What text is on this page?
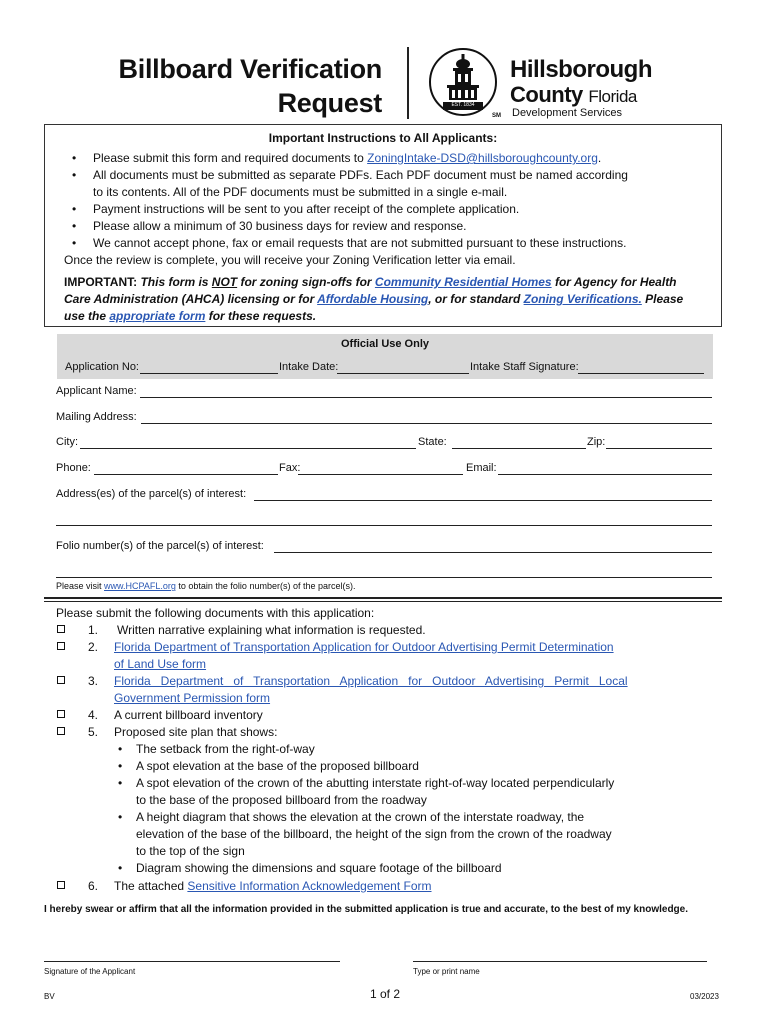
Billboard Verification
Request	EST. 1834
Hillsborough
County Florida
SM Development Services
Important Instructions to All Applicants:
• Please submit this form and required documents to ZoningIntake-DSD@hillsboroughcounty.org.
• All documents must be submitted as separate PDFs. Each PDF document must be named according
to its contents. All of the PDF documents must be submitted in a single e-mail.
• Payment instructions will be sent to you after receipt of the complete application.
• Please allow a minimum of 30 business days for review and response.
• We cannot accept phone, fax or email requests that are not submitted pursuant to these instructions.
Once the review is complete, you will receive your Zoning Verification letter via email.
IMPORTANT: This form is NOT for zoning sign-offs for Community Residential Homes for Agency for Health Care Administration (AHCA) licensing or for Affordable Housing, or for standard Zoning Verifications. Please use the appropriate form for these requests.
Official Use Only
Application No:	Intake Date:	Intake Staff Signature:
Applicant Name:
Mailing Address:
City:	State:	Zip:
Phone:	Fax:	Email:
Address(es) of the parcel(s) of interest:
Folio number(s) of the parcel(s) of interest:
Please visit www.HCPAFL.org to obtain the folio number(s) of the parcel(s).
Please submit the following documents with this application:
1. Written narrative explaining what information is requested.
2. Florida Department of Transportation Application for Outdoor Advertising Permit Determination
of Land Use form
3. Florida   Department   of   Transportation   Application   for   Outdoor   Advertising   Permit   Local
Government Permission form
4. A current billboard inventory
5. Proposed site plan that shows:
• The setback from the right-of-way
• A spot elevation at the base of the proposed billboard
• A spot elevation of the crown of the abutting interstate right-of-way located perpendicularly
to the base of the proposed billboard from the roadway
• A height diagram that shows the elevation at the crown of the interstate roadway, the
elevation of the base of the billboard, the height of the sign from the crown of the roadway
to the top of the sign
• Diagram showing the dimensions and square footage of the billboard
6. The attached Sensitive Information Acknowledgement Form
I hereby swear or affirm that all the information provided in the submitted application is true and accurate, to the best of my knowledge.
Signature of the Applicant	Type or print name
BV	1 of 2	03/2023
